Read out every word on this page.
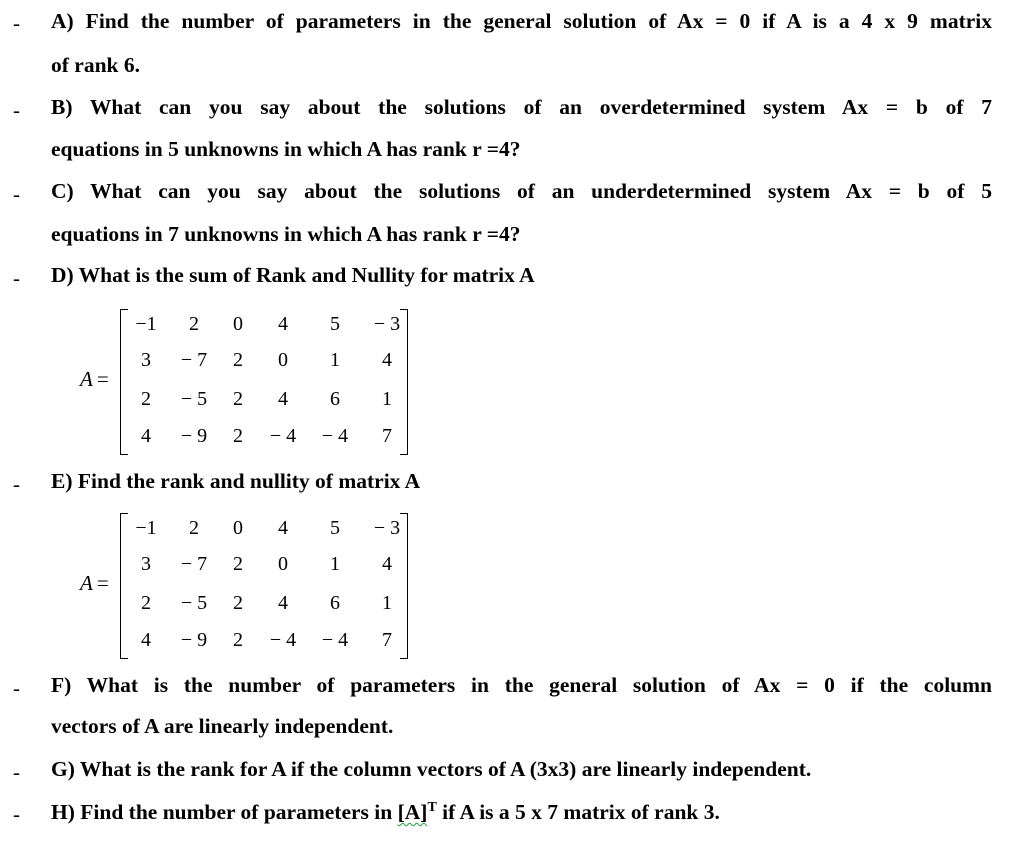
- A) Find the number of parameters in the general solution of Ax = 0 if A is a 4 x 9 matrix
of rank 6.
- B) What can you say about the solutions of an overdetermined system Ax = b of 7
equations in 5 unknowns in which A has rank r =4?
- C) What can you say about the solutions of an underdetermined system Ax = b of 5
equations in 7 unknowns in which A has rank r =4?
- D) What is the sum of Rank and Nullity for matrix A
A =
−1	2	0	4	5	− 3
3	− 7	2	0	1	4
2	− 5	2	4	6	1
4	− 9	2	− 4	− 4	7
- E) Find the rank and nullity of matrix A
A =
−1	2	0	4	5	− 3
3	− 7	2	0	1	4
2	− 5	2	4	6	1
4	− 9	2	− 4	− 4	7
- F) What is the number of parameters in the general solution of Ax = 0 if the column
vectors of A are linearly independent.
- G) What is the rank for A if the column vectors of A (3x3) are linearly independent.
- H) Find the number of parameters in $[A]^T$ if A is a 5 x 7 matrix of rank 3.
